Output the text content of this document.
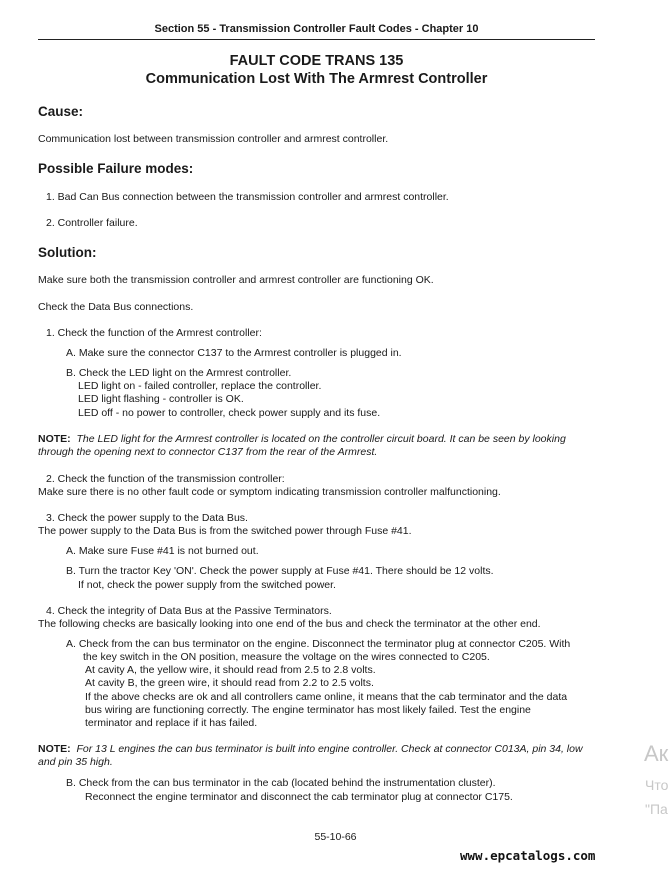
Section 55 - Transmission Controller Fault Codes - Chapter 10
FAULT CODE TRANS 135
Communication Lost With The Armrest Controller
Cause:
Communication lost between transmission controller and armrest controller.
Possible Failure modes:
1. Bad Can Bus connection between the transmission controller and armrest controller.
2. Controller failure.
Solution:
Make sure both the transmission controller and armrest controller are functioning OK.
Check the Data Bus connections.
1. Check the function of the Armrest controller:
A. Make sure the connector C137 to the Armrest controller is plugged in.
B. Check the LED light on the Armrest controller.
LED light on - failed controller, replace the controller.
LED light flashing - controller is OK.
LED off - no power to controller, check power supply and its fuse.
NOTE: The LED light for the Armrest controller is located on the controller circuit board. It can be seen by looking through the opening next to connector C137 from the rear of the Armrest.
2. Check the function of the transmission controller:
Make sure there is no other fault code or symptom indicating transmission controller malfunctioning.
3. Check the power supply to the Data Bus.
The power supply to the Data Bus is from the switched power through Fuse #41.
A. Make sure Fuse #41 is not burned out.
B. Turn the tractor Key 'ON'. Check the power supply at Fuse #41. There should be 12 volts.
If not, check the power supply from the switched power.
4. Check the integrity of Data Bus at the Passive Terminators.
The following checks are basically looking into one end of the bus and check the terminator at the other end.
A. Check from the can bus terminator on the engine. Disconnect the terminator plug at connector C205. With
the key switch in the ON position, measure the voltage on the wires connected to C205.
At cavity A, the yellow wire, it should read from 2.5 to 2.8 volts.
At cavity B, the green wire, it should read from 2.2 to 2.5 volts.
If the above checks are ok and all controllers came online, it means that the cab terminator and the data
bus wiring are functioning correctly. The engine terminator has most likely failed. Test the engine
terminator and replace if it has failed.
NOTE: For 13 L engines the can bus terminator is built into engine controller. Check at connector C013A, pin 34, low and pin 35 high.
B. Check from the can bus terminator in the cab (located behind the instrumentation cluster).
Reconnect the engine terminator and disconnect the cab terminator plug at connector C175.
55-10-66
www.epcatalogs.com
Ак
Что
"Па
